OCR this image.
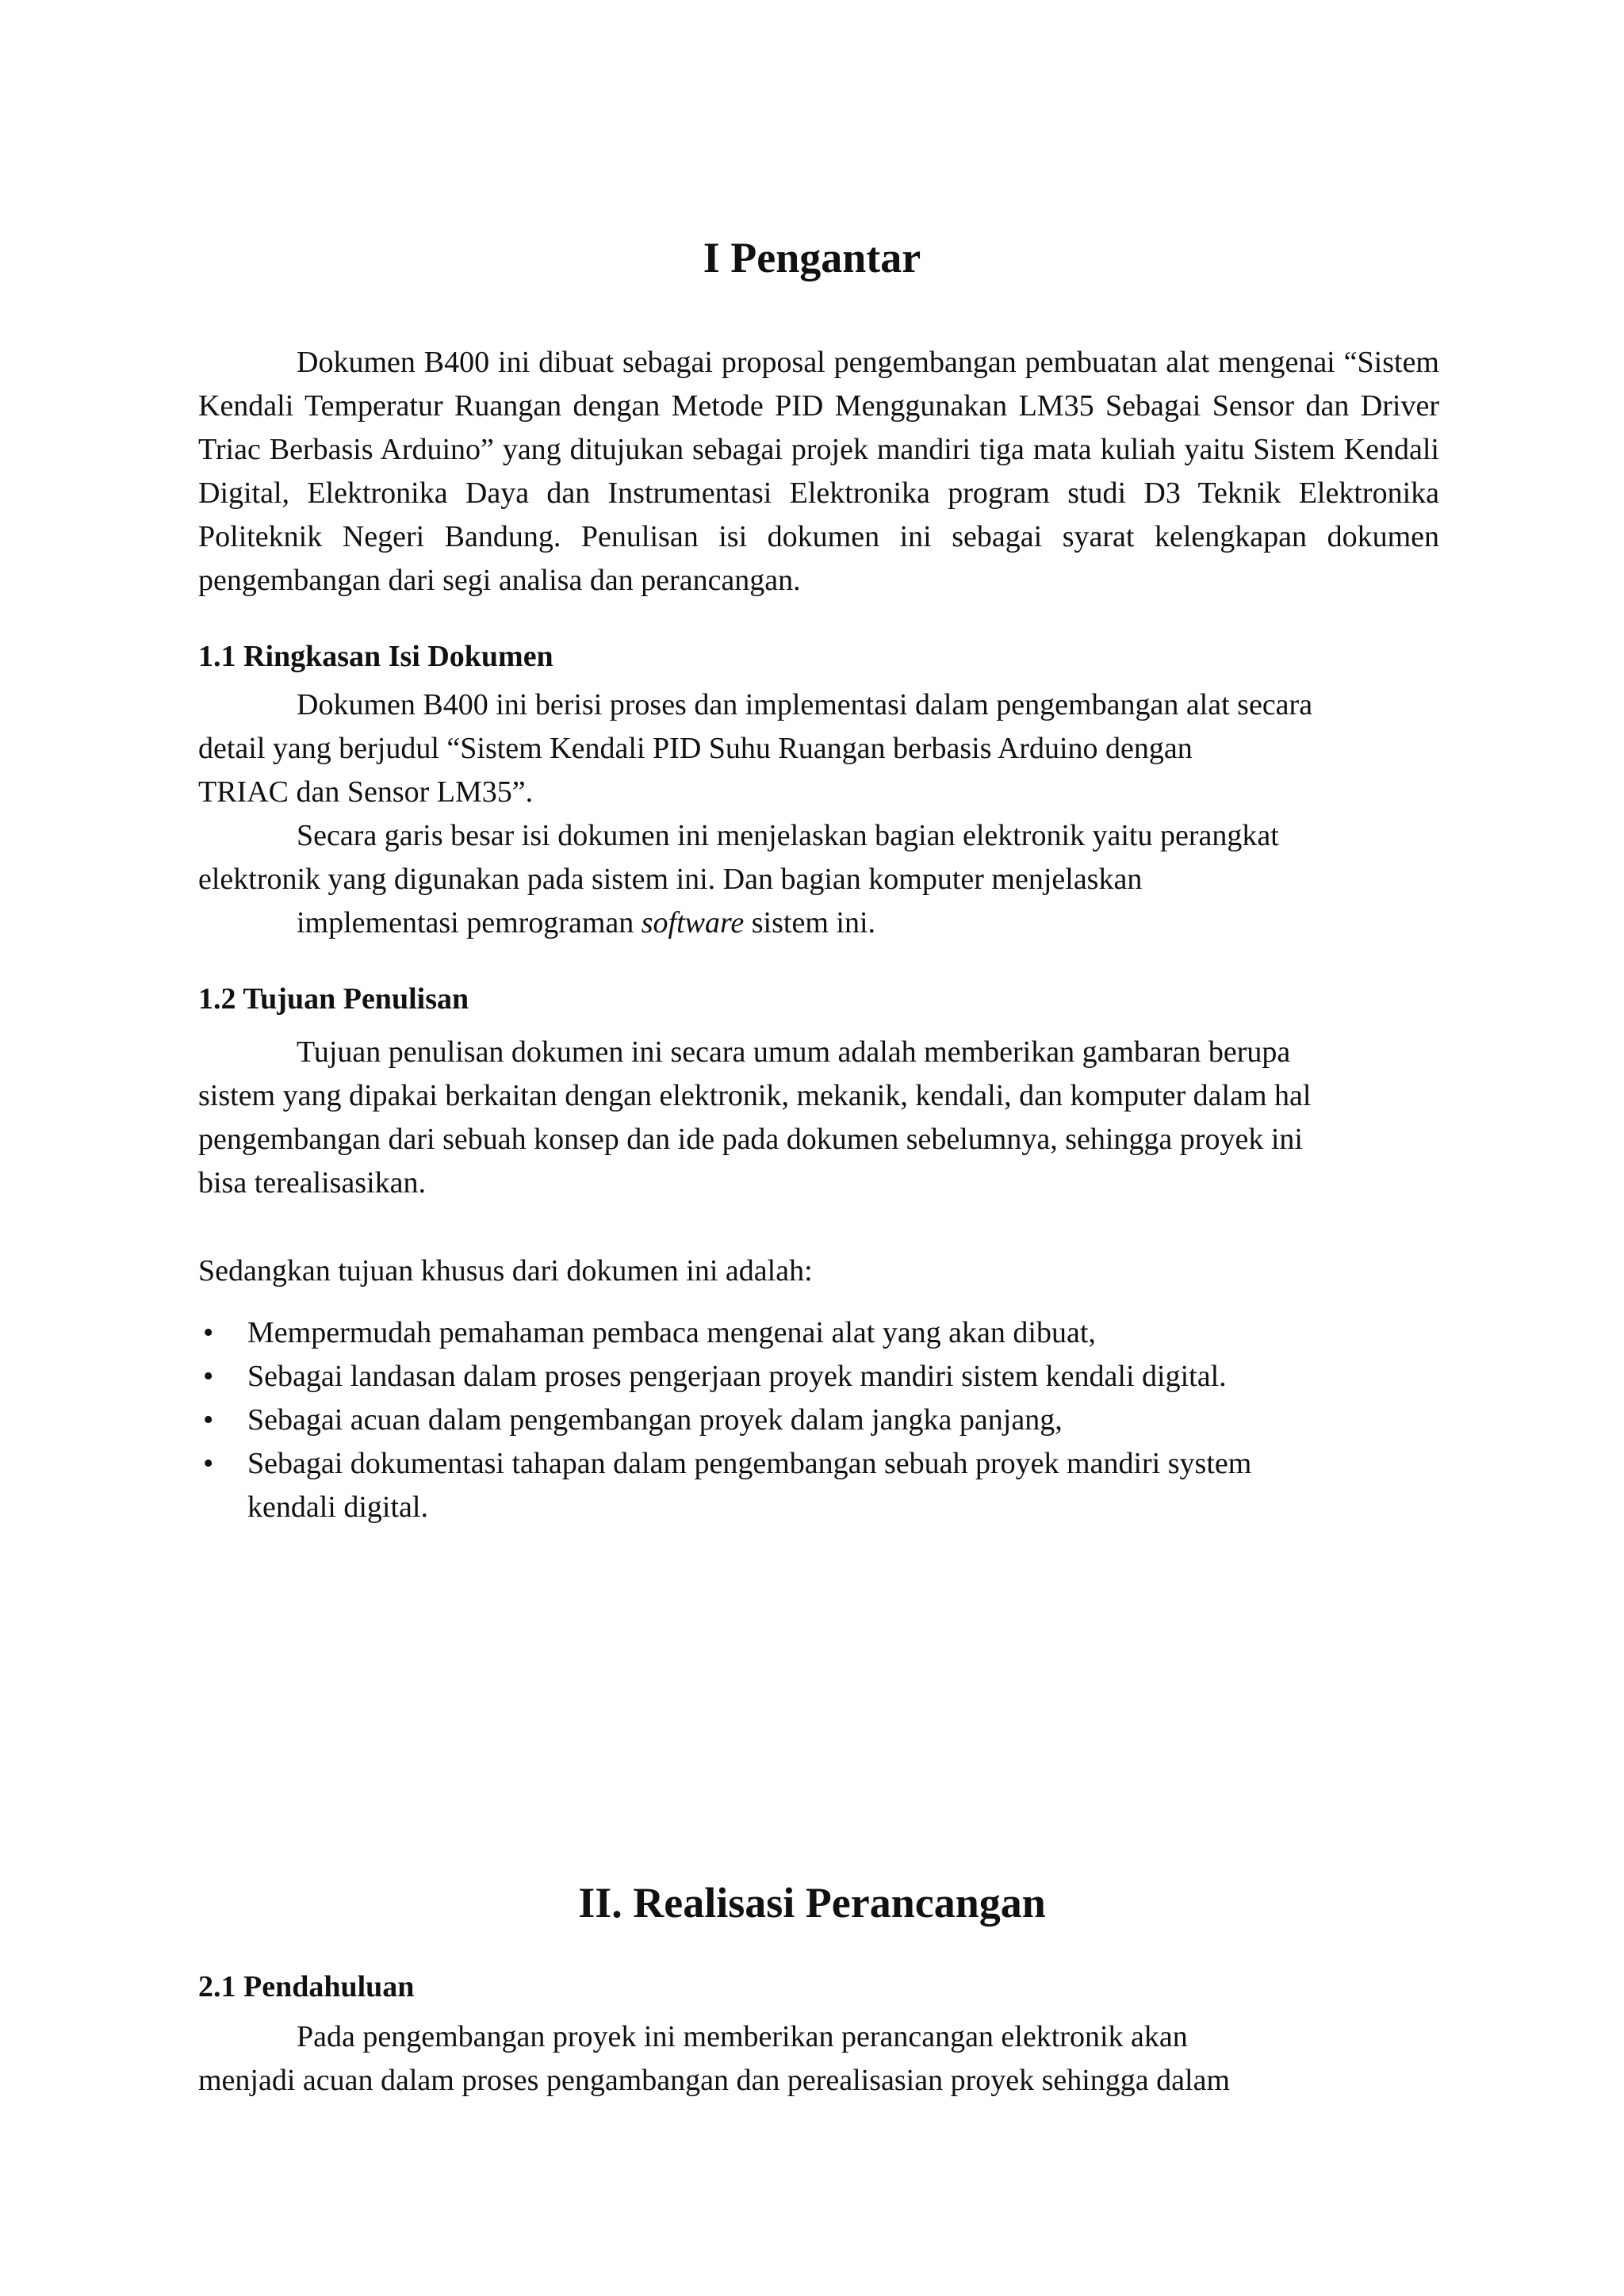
I Pengantar

Dokumen B400 ini dibuat sebagai proposal pengembangan pembuatan alat mengenai “Sistem Kendali Temperatur Ruangan dengan Metode PID Menggunakan LM35 Sebagai Sensor dan Driver Triac Berbasis Arduino” yang ditujukan sebagai projek mandiri tiga mata kuliah yaitu Sistem Kendali Digital, Elektronika Daya dan Instrumentasi Elektronika program studi D3 Teknik Elektronika Politeknik Negeri Bandung. Penulisan isi dokumen ini sebagai syarat kelengkapan dokumen pengembangan dari segi analisa dan perancangan.

1.1 Ringkasan Isi Dokumen

Dokumen B400 ini berisi proses dan implementasi dalam pengembangan alat secara
detail yang berjudul “Sistem Kendali PID Suhu Ruangan berbasis Arduino dengan
TRIAC dan Sensor LM35”.

Secara garis besar isi dokumen ini menjelaskan bagian elektronik yaitu perangkat
elektronik yang digunakan pada sistem ini. Dan bagian komputer menjelaskan
implementasi pemrograman software sistem ini.

1.2 Tujuan Penulisan

Tujuan penulisan dokumen ini secara umum adalah memberikan gambaran berupa
sistem yang dipakai berkaitan dengan elektronik, mekanik, kendali, dan komputer dalam hal
pengembangan dari sebuah konsep dan ide pada dokumen sebelumnya, sehingga proyek ini
bisa terealisasikan.

Sedangkan tujuan khusus dari dokumen ini adalah:

• Mempermudah pemahaman pembaca mengenai alat yang akan dibuat,
• Sebagai landasan dalam proses pengerjaan proyek mandiri sistem kendali digital.
• Sebagai acuan dalam pengembangan proyek dalam jangka panjang,
• Sebagai dokumentasi tahapan dalam pengembangan sebuah proyek mandiri system kendali digital.
II. Realisasi Perancangan
2.1 Pendahuluan

Pada pengembangan proyek ini memberikan perancangan elektronik akan
menjadi acuan dalam proses pengambangan dan perealisasian proyek sehingga dalam
